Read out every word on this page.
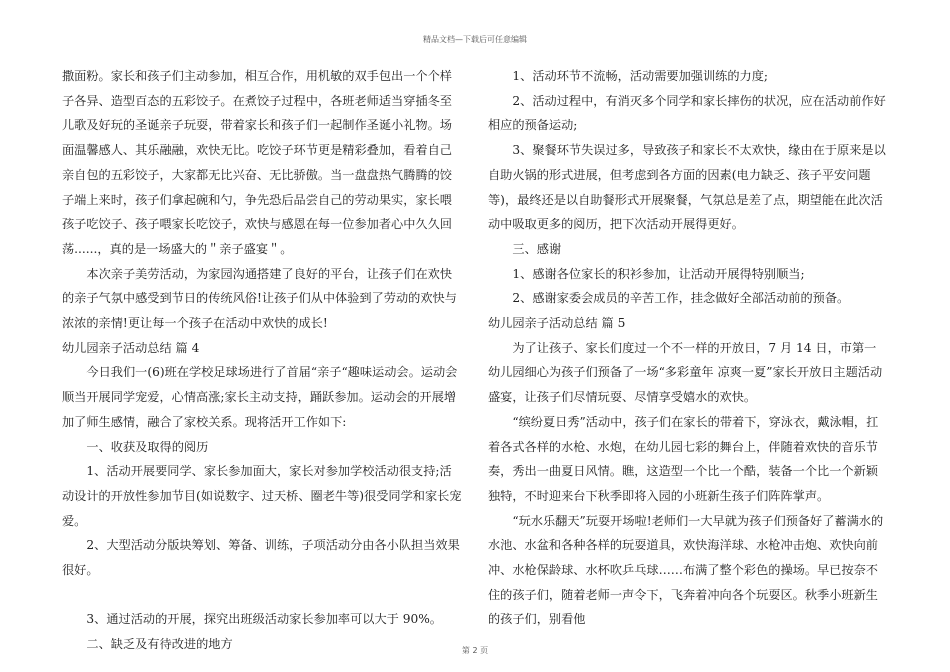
精品文档—下载后可任意编辑

撒面粉。家长和孩子们主动参加，相互合作，用机敏的双手包出一个个样子各异、造型百态的五彩饺子。在煮饺子过程中，各班老师适当穿插冬至儿歌及好玩的圣诞亲子玩耍，带着家长和孩子们一起制作圣诞小礼物。场面温馨感人、其乐融融，欢快无比。吃饺子环节更是精彩叠加，看着自己亲自包的五彩饺子，大家都无比兴奋、无比骄傲。当一盘盘热气腾腾的饺子端上来时，孩子们拿起碗和勺，争先恐后品尝自己的劳动果实，家长喂孩子吃饺子、孩子喂家长吃饺子，欢快与感恩在每一位参加者心中久久回荡......，真的是一场盛大的＂亲子盛宴＂。

本次亲子美劳活动，为家园沟通搭建了良好的平台，让孩子们在欢快的亲子气氛中感受到节日的传统风俗!让孩子们从中体验到了劳动的欢快与浓浓的亲情!更让每一个孩子在活动中欢快的成长!

幼儿园亲子活动总结 篇 4

今日我们一(6)班在学校足球场进行了首届“亲子“趣味运动会。运动会顺当开展同学宠爱，心情高涨;家长主动支持，踊跃参加。运动会的开展增加了师生感情，融合了家校关系。现将活开工作如下:

一、收获及取得的阅历

1、活动开展要同学、家长参加面大，家长对参加学校活动很支持;活动设计的开放性参加节目(如说数字、过天桥、圈老牛等)很受同学和家长宠爱。

2、大型活动分版块筹划、筹备、训练，子项活动分由各小队担当效果很好。

3、通过活动的开展，探究出班级活动家长参加率可以大于 90%。

二、缺乏及有待改进的地方

1、活动环节不流畅，活动需要加强训练的力度;

2、活动过程中，有消灭多个同学和家长摔伤的状况，应在活动前作好相应的预备运动;

3、聚餐环节失误过多，导致孩子和家长不太欢快，缘由在于原来是以自助火锅的形式进展，但考虑到各方面的因素(电力缺乏、孩子平安问题等)，最终还是以自助餐形式开展聚餐，气氛总是差了点，期望能在此次活动中吸取更多的阅历，把下次活动开展得更好。

三、感谢

1、感谢各位家长的积衫参加，让活动开展得特别顺当;

2、感谢家委会成员的辛苦工作，挂念做好全部活动前的预备。

幼儿园亲子活动总结 篇 5

为了让孩子、家长们度过一个不一样的开放日，7 月 14 日，市第一幼儿园细心为孩子们预备了一场“多彩童年 凉爽一夏”家长开放日主题活动盛宴，让孩子们尽情玩耍、尽情享受嬉水的欢快。

“缤纷夏日秀”活动中，孩子们在家长的带着下，穿泳衣，戴泳帽，扛着各式各样的水枪、水炮，在幼儿园七彩的舞台上，伴随着欢快的音乐节奏，秀出一曲夏日风情。瞧，这造型一个比一个酷，装备一个比一个新颖独特，不时迎来台下秋季即将入园的小班新生孩子们阵阵掌声。

“玩水乐翻天”玩耍开场啦!老师们一大早就为孩子们预备好了蓄满水的水池、水盆和各种各样的玩耍道具，欢快海洋球、水枪冲击炮、欢快向前冲、水枪保龄球、水杯吹乒乓球……布满了整个彩色的操场。早已按奈不住的孩子们，随着老师一声令下，飞奔着冲向各个玩耍区。秋季小班新生的孩子们，别看他

第 2 页
